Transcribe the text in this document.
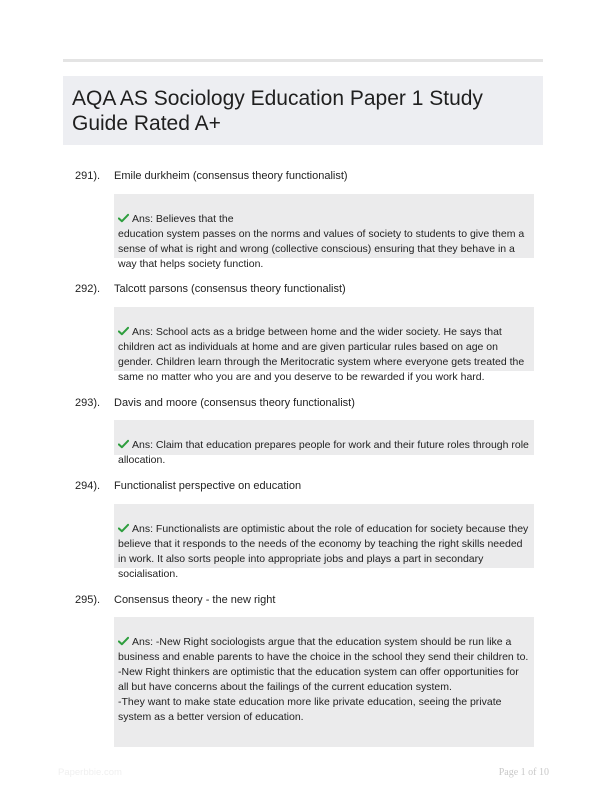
AQA AS Sociology Education Paper 1 Study Guide Rated A+
291). Emile durkheim (consensus theory functionalist)

Ans: Believes that the
education system passes on the norms and values of society to students to give them a sense of what is right and wrong (collective conscious) ensuring that they behave in a way that helps society function.

292). Talcott parsons (consensus theory functionalist)

Ans: School acts as a bridge between home and the wider society. He says that children act as individuals at home and are given particular rules based on age on gender. Children learn through the Meritocratic system where everyone gets treated the same no matter who you are and you deserve to be rewarded if you work hard.

293). Davis and moore (consensus theory functionalist)

Ans: Claim that education prepares people for work and their future roles through role allocation.

294). Functionalist perspective on education

Ans: Functionalists are optimistic about the role of education for society because they believe that it responds to the needs of the economy by teaching the right skills needed in work. It also sorts people into appropriate jobs and plays a part in secondary socialisation.

295). Consensus theory - the new right

Ans: -New Right sociologists argue that the education system should be run like a business and enable parents to have the choice in the school they send their children to.
-New Right thinkers are optimistic that the education system can offer opportunities for all but have concerns about the failings of the current education system.
-They want to make state education more like private education, seeing the private system as a better version of education.

Paperbbie.com	Page 1 of 10
